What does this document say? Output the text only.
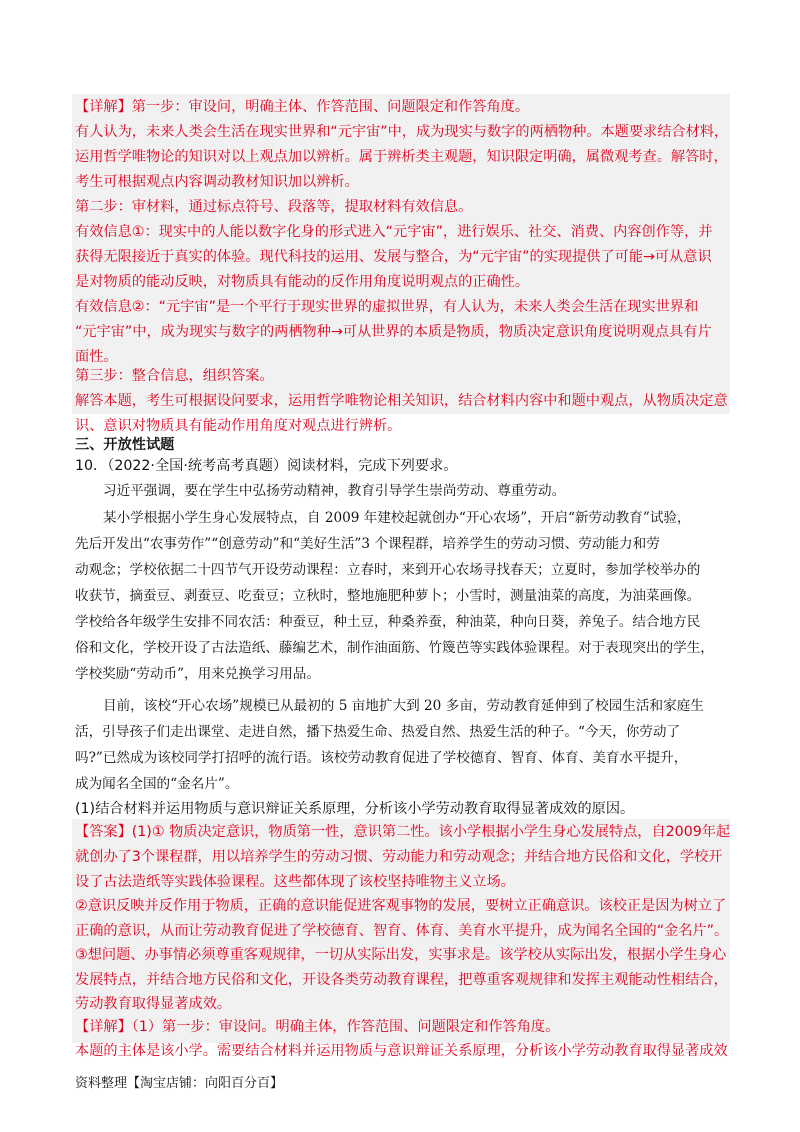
【详解】第一步：审设问，明确主体、作答范围、问题限定和作答角度。
有人认为，未来人类会生活在现实世界和“元宇宙”中，成为现实与数字的两栖物种。本题要求结合材料，
运用哲学唯物论的知识对以上观点加以辨析。属于辨析类主观题，知识限定明确，属微观考查。解答时，
考生可根据观点内容调动教材知识加以辨析。
第二步：审材料，通过标点符号、段落等，提取材料有效信息。
有效信息①：现实中的人能以数字化身的形式进入“元宇宙”，进行娱乐、社交、消费、内容创作等，并
获得无限接近于真实的体验。现代科技的运用、发展与整合，为“元宇宙”的实现提供了可能→可从意识
是对物质的能动反映，对物质具有能动的反作用角度说明观点的正确性。
有效信息②：“元宇宙”是一个平行于现实世界的虚拟世界，有人认为，未来人类会生活在现实世界和
“元宇宙”中，成为现实与数字的两栖物种→可从世界的本质是物质，物质决定意识角度说明观点具有片
面性。
第三步：整合信息，组织答案。
解答本题，考生可根据设问要求，运用哲学唯物论相关知识，结合材料内容中和题中观点，从物质决定意
识、意识对物质具有能动作用角度对观点进行辨析。
三、开放性试题
10．（2022·全国·统考高考真题）阅读材料，完成下列要求。
习近平强调，要在学生中弘扬劳动精神，教育引导学生崇尚劳动、尊重劳动。
某小学根据小学生身心发展特点，自 2009 年建校起就创办“开心农场”，开启“新劳动教育”试验，
先后开发出“农事劳作”“创意劳动”和“美好生活”3 个课程群，培养学生的劳动习惯、劳动能力和劳
动观念；学校依据二十四节气开设劳动课程：立春时，来到开心农场寻找春天；立夏时，参加学校举办的
收获节，摘蚕豆、剥蚕豆、吃蚕豆；立秋时，整地施肥种萝卜；小雪时，测量油菜的高度，为油菜画像。
学校给各年级学生安排不同农活：种蚕豆，种土豆，种桑养蚕，种油菜，种向日葵，养兔子。结合地方民
俗和文化，学校开设了古法造纸、藤编艺术，制作油面筋、竹篾芭等实践体验课程。对于表现突出的学生，
学校奖励“劳动币”，用来兑换学习用品。
目前，该校“开心农场”规模已从最初的 5 亩地扩大到 20 多亩，劳动教育延伸到了校园生活和家庭生
活，引导孩子们走出课堂、走进自然，播下热爱生命、热爱自然、热爱生活的种子。“今天，你劳动了
吗?”已然成为该校同学打招呼的流行语。该校劳动教育促进了学校德育、智育、体育、美育水平提升，
成为闻名全国的“金名片”。
(1)结合材料并运用物质与意识辩证关系原理，分析该小学劳动教育取得显著成效的原因。
【答案】(1)① 物质决定意识，物质第一性，意识第二性。该小学根据小学生身心发展特点，自2009年起
就创办了3个课程群，用以培养学生的劳动习惯、劳动能力和劳动观念；并结合地方民俗和文化，学校开
设了古法造纸等实践体验课程。这些都体现了该校坚持唯物主义立场。
②意识反映并反作用于物质，正确的意识能促进客观事物的发展，要树立正确意识。该校正是因为树立了
正确的意识，从而让劳动教育促进了学校德育、智育、体育、美育水平提升，成为闻名全国的“金名片”。
③想问题、办事情必须尊重客观规律，一切从实际出发，实事求是。该学校从实际出发，根据小学生身心
发展特点，并结合地方民俗和文化，开设各类劳动教育课程，把尊重客观规律和发挥主观能动性相结合，
劳动教育取得显著成效。
【详解】（1）第一步：审设问。明确主体，作答范围、问题限定和作答角度。
本题的主体是该小学。需要结合材料并运用物质与意识辩证关系原理，分析该小学劳动教育取得显著成效
资料整理【淘宝店铺：向阳百分百】
